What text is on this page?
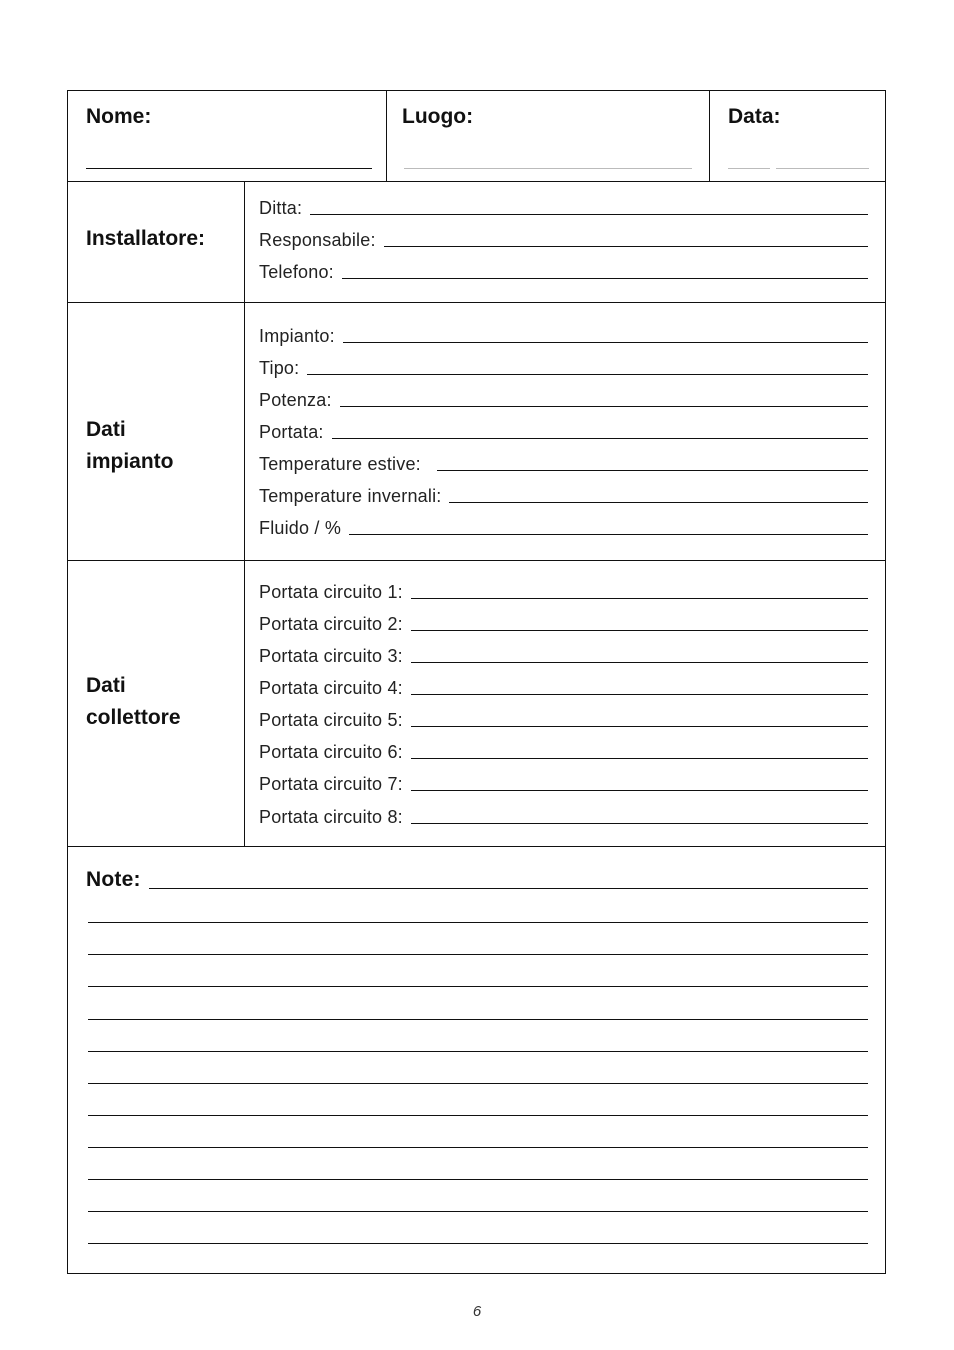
Nome:	Luogo:	Data:
Installatore:
Ditta:
Responsabile:
Telefono:
Dati
impianto
Impianto:
Tipo:
Potenza:
Portata:
Temperature estive:
Temperature invernali:
Fluido / %
Dati
collettore
Portata circuito 1:
Portata circuito 2:
Portata circuito 3:
Portata circuito 4:
Portata circuito 5:
Portata circuito 6:
Portata circuito 7:
Portata circuito 8:
Note:
6
